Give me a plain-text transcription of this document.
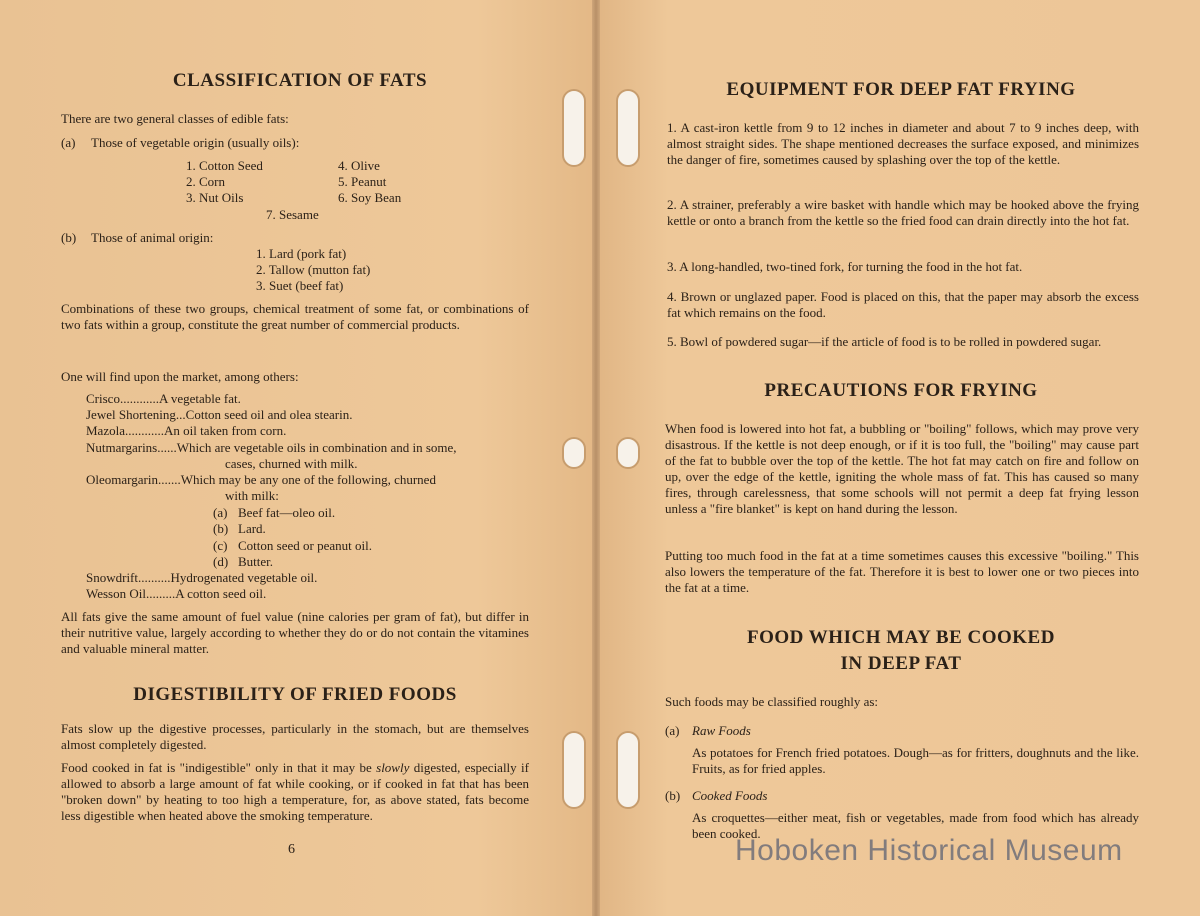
CLASSIFICATION OF FATS
There are two general classes of edible fats:
(a) Those of vegetable origin (usually oils):
1. Cotton Seed
2. Corn
3. Nut Oils
4. Olive
5. Peanut
6. Soy Bean
7. Sesame
(b) Those of animal origin:
1. Lard (pork fat)
2. Tallow (mutton fat)
3. Suet (beef fat)
Combinations of these two groups, chemical treatment of some fat, or combinations of two fats within a group, constitute the great number of commercial products.
One will find upon the market, among others:
Crisco............A vegetable fat.
Jewel Shortening...Cotton seed oil and olea stearin.
Mazola............An oil taken from corn.
Nutmargarins......Which are vegetable oils in combination and in some,
cases, churned with milk.
Oleomargarin.......Which may be any one of the following, churned
with milk:
(a) Beef fat—oleo oil.
(b) Lard.
(c) Cotton seed or peanut oil.
(d) Butter.
Snowdrift..........Hydrogenated vegetable oil.
Wesson Oil.........A cotton seed oil.
All fats give the same amount of fuel value (nine calories per gram of fat), but differ in their nutritive value, largely according to whether they do or do not contain the vitamines and valuable mineral matter.
DIGESTIBILITY OF FRIED FOODS
Fats slow up the digestive processes, particularly in the stomach, but are themselves almost completely digested.
Food cooked in fat is "indigestible" only in that it may be slowly digested, especially if allowed to absorb a large amount of fat while cooking, or if cooked in fat that has been "broken down" by heating to too high a temperature, for, as above stated, fats become less digestible when heated above the smoking temperature.
6
EQUIPMENT FOR DEEP FAT FRYING
1. A cast-iron kettle from 9 to 12 inches in diameter and about 7 to 9 inches deep, with almost straight sides. The shape mentioned decreases the surface exposed, and minimizes the danger of fire, sometimes caused by splashing over the top of the kettle.
2. A strainer, preferably a wire basket with handle which may be hooked above the frying kettle or onto a branch from the kettle so the fried food can drain directly into the hot fat.
3. A long-handled, two-tined fork, for turning the food in the hot fat.
4. Brown or unglazed paper. Food is placed on this, that the paper may absorb the excess fat which remains on the food.
5. Bowl of powdered sugar—if the article of food is to be rolled in powdered sugar.
PRECAUTIONS FOR FRYING
When food is lowered into hot fat, a bubbling or "boiling" follows, which may prove very disastrous. If the kettle is not deep enough, or if it is too full, the "boiling" may cause part of the fat to bubble over the top of the kettle. The hot fat may catch on fire and follow on up, over the edge of the kettle, igniting the whole mass of fat. This has caused so many fires, through carelessness, that some schools will not permit a deep fat frying lesson unless a "fire blanket" is kept on hand during the lesson.
Putting too much food in the fat at a time sometimes causes this excessive "boiling." This also lowers the temperature of the fat. Therefore it is best to lower one or two pieces into the fat at a time.
FOOD WHICH MAY BE COOKED
IN DEEP FAT
Such foods may be classified roughly as:
(a) Raw Foods
As potatoes for French fried potatoes. Dough—as for fritters, doughnuts and the like. Fruits, as for fried apples.
(b) Cooked Foods
As croquettes—either meat, fish or vegetables, made from food which has already been cooked.
Hoboken Historical Museum
